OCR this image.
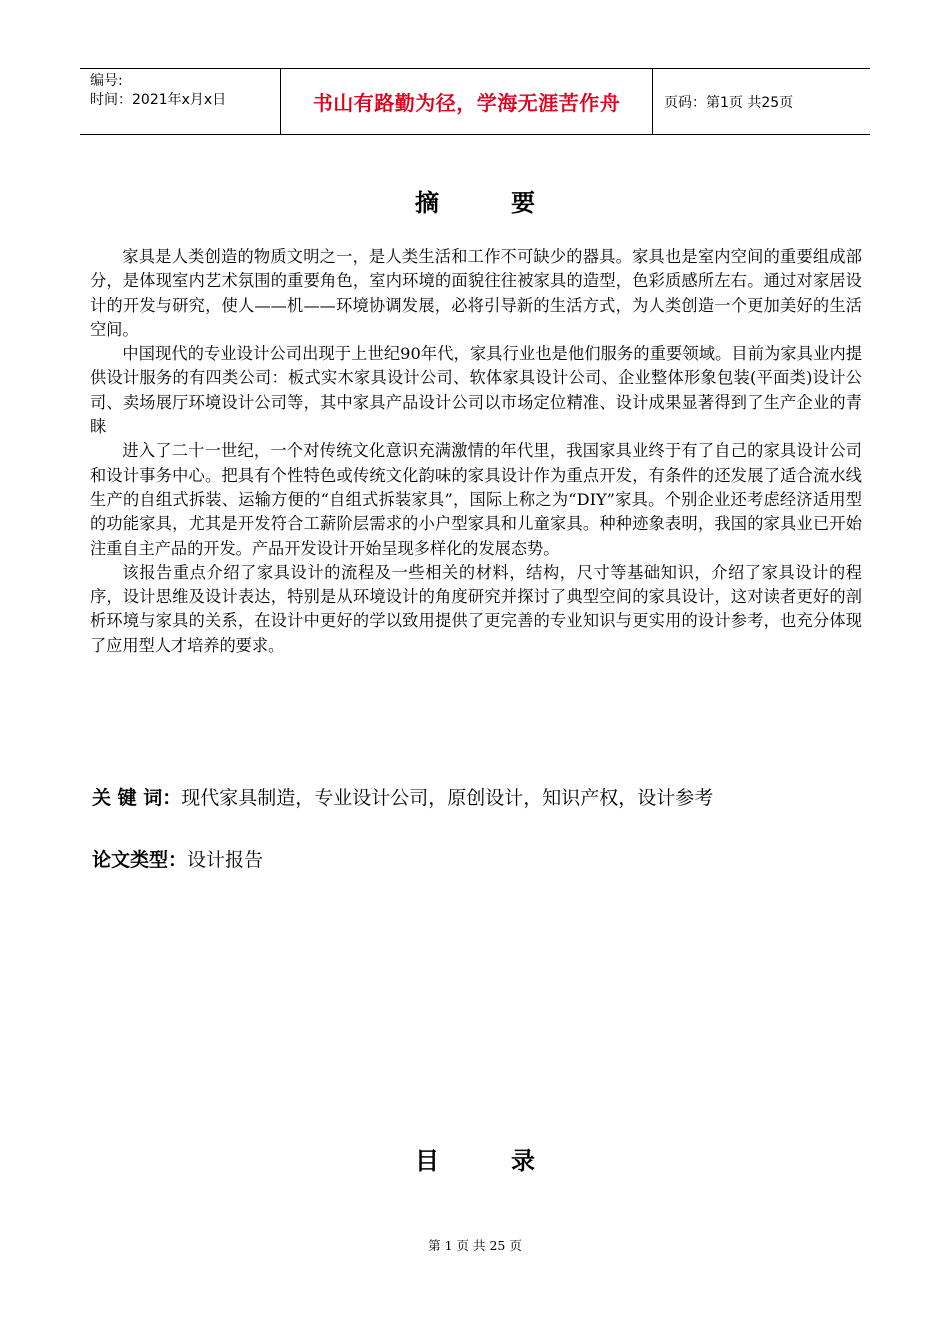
编号:
时间：2021年x月x日	书山有路勤为径，学海无涯苦作舟	页码：第1页 共25页
摘　　　要

家具是人类创造的物质文明之一，是人类生活和工作不可缺少的器具。家具也是室内空间的重要组成部分，是体现室内艺术氛围的重要角色，室内环境的面貌往往被家具的造型，色彩质感所左右。通过对家居设计的开发与研究，使人——机——环境协调发展，必将引导新的生活方式，为人类创造一个更加美好的生活空间。

中国现代的专业设计公司出现于上世纪90年代，家具行业也是他们服务的重要领域。目前为家具业内提供设计服务的有四类公司：板式实木家具设计公司、软体家具设计公司、企业整体形象包装(平面类)设计公司、卖场展厅环境设计公司等，其中家具产品设计公司以市场定位精准、设计成果显著得到了生产企业的青睐

进入了二十一世纪，一个对传统文化意识充满激情的年代里，我国家具业终于有了自己的家具设计公司和设计事务中心。把具有个性特色或传统文化韵味的家具设计作为重点开发，有条件的还发展了适合流水线生产的自组式拆装、运输方便的“自组式拆装家具”，国际上称之为“DIY”家具。个别企业还考虑经济适用型的功能家具，尤其是开发符合工薪阶层需求的小户型家具和儿童家具。种种迹象表明，我国的家具业已开始注重自主产品的开发。产品开发设计开始呈现多样化的发展态势。

该报告重点介绍了家具设计的流程及一些相关的材料，结构，尺寸等基础知识，介绍了家具设计的程序，设计思维及设计表达，特别是从环境设计的角度研究并探讨了典型空间的家具设计，这对读者更好的剖析环境与家具的关系，在设计中更好的学以致用提供了更完善的专业知识与更实用的设计参考，也充分体现了应用型人才培养的要求。

关 键 词：现代家具制造，专业设计公司，原创设计，知识产权，设计参考
论文类型：设计报告
目　　　录
第 1 页 共 25 页
